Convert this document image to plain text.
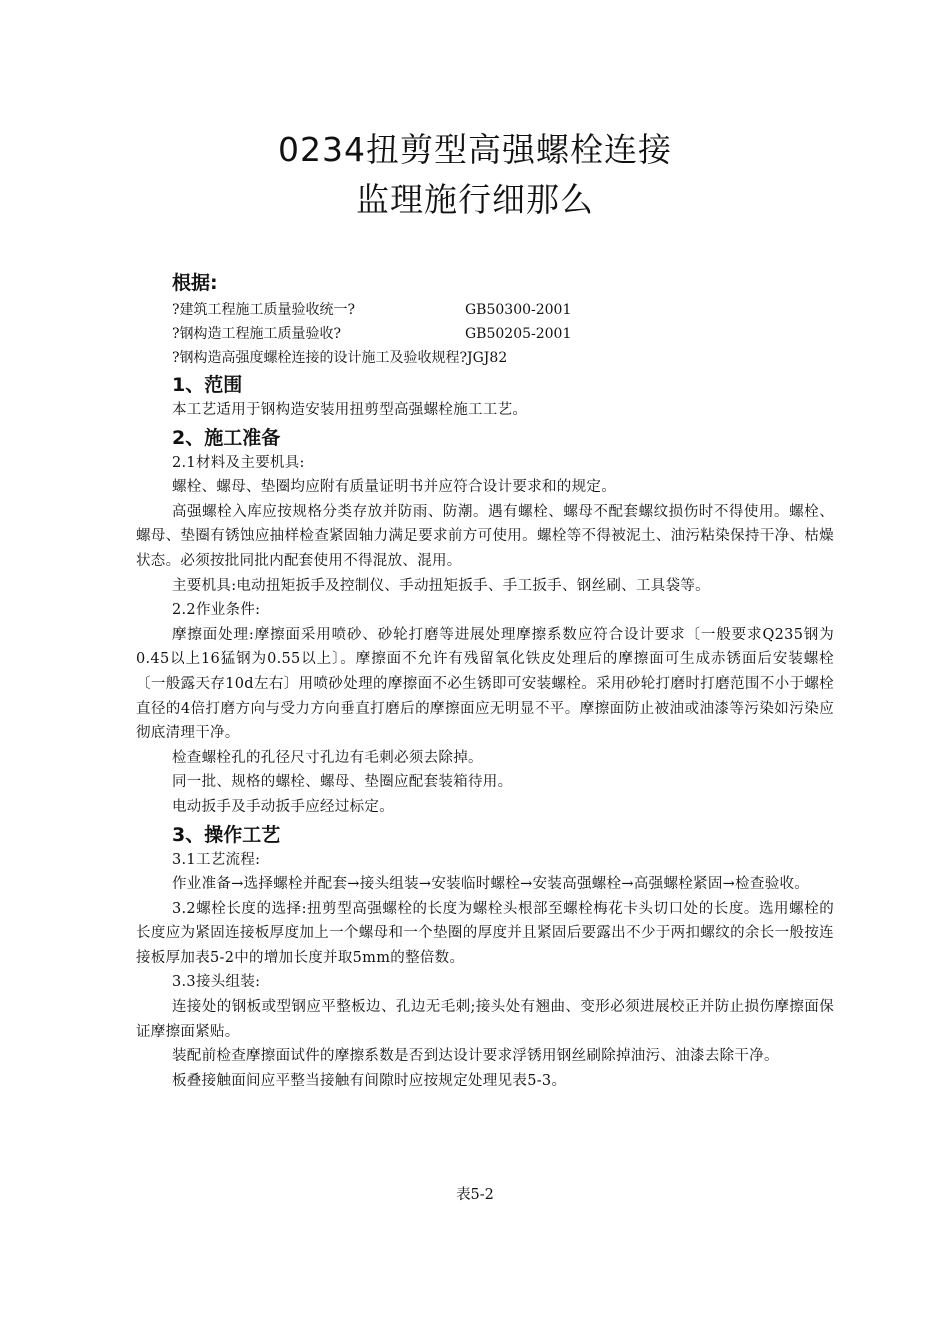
0234扭剪型高强螺栓连接
监理施行细那么
根据:
?建筑工程施工质量验收统一?	GB50300-2001
?钢构造工程施工质量验收?	GB50205-2001
?钢构造高强度螺栓连接的设计施工及验收规程?JGJ82
1、范围

本工艺适用于钢构造安装用扭剪型高强螺栓施工工艺。

2、施工准备

2.1材料及主要机具:

螺栓、螺母、垫圈均应附有质量证明书并应符合设计要求和的规定。

高强螺栓入库应按规格分类存放并防雨、防潮。遇有螺栓、螺母不配套螺纹损伤时不得使用。螺栓、螺母、垫圈有锈蚀应抽样检查紧固轴力满足要求前方可使用。螺栓等不得被泥土、油污粘染保持干净、枯燥状态。必须按批同批内配套使用不得混放、混用。

主要机具:电动扭矩扳手及控制仪、手动扭矩扳手、手工扳手、钢丝刷、工具袋等。

2.2作业条件:

摩擦面处理:摩擦面采用喷砂、砂轮打磨等进展处理摩擦系数应符合设计要求〔一般要求Q235钢为0.45以上16猛钢为0.55以上〕。摩擦面不允许有残留氧化铁皮处理后的摩擦面可生成赤锈面后安装螺栓〔一般露天存10d左右〕用喷砂处理的摩擦面不必生锈即可安装螺栓。采用砂轮打磨时打磨范围不小于螺栓直径的4倍打磨方向与受力方向垂直打磨后的摩擦面应无明显不平。摩擦面防止被油或油漆等污染如污染应彻底清理干净。

检查螺栓孔的孔径尺寸孔边有毛刺必须去除掉。

同一批、规格的螺栓、螺母、垫圈应配套装箱待用。

电动扳手及手动扳手应经过标定。

3、操作工艺

3.1工艺流程:

作业准备→选择螺栓并配套→接头组装→安装临时螺栓→安装高强螺栓→高强螺栓紧固→检查验收。

3.2螺栓长度的选择:扭剪型高强螺栓的长度为螺栓头根部至螺栓梅花卡头切口处的长度。选用螺栓的长度应为紧固连接板厚度加上一个螺母和一个垫圈的厚度并且紧固后要露出不少于两扣螺纹的余长一般按连接板厚加表5-2中的增加长度并取5mm的整倍数。

3.3接头组装:

连接处的钢板或型钢应平整板边、孔边无毛刺;接头处有翘曲、变形必须进展校正并防止损伤摩擦面保证摩擦面紧贴。

装配前检查摩擦面试件的摩擦系数是否到达设计要求浮锈用钢丝刷除掉油污、油漆去除干净。

板叠接触面间应平整当接触有间隙时应按规定处理见表5-3。

表5-2
